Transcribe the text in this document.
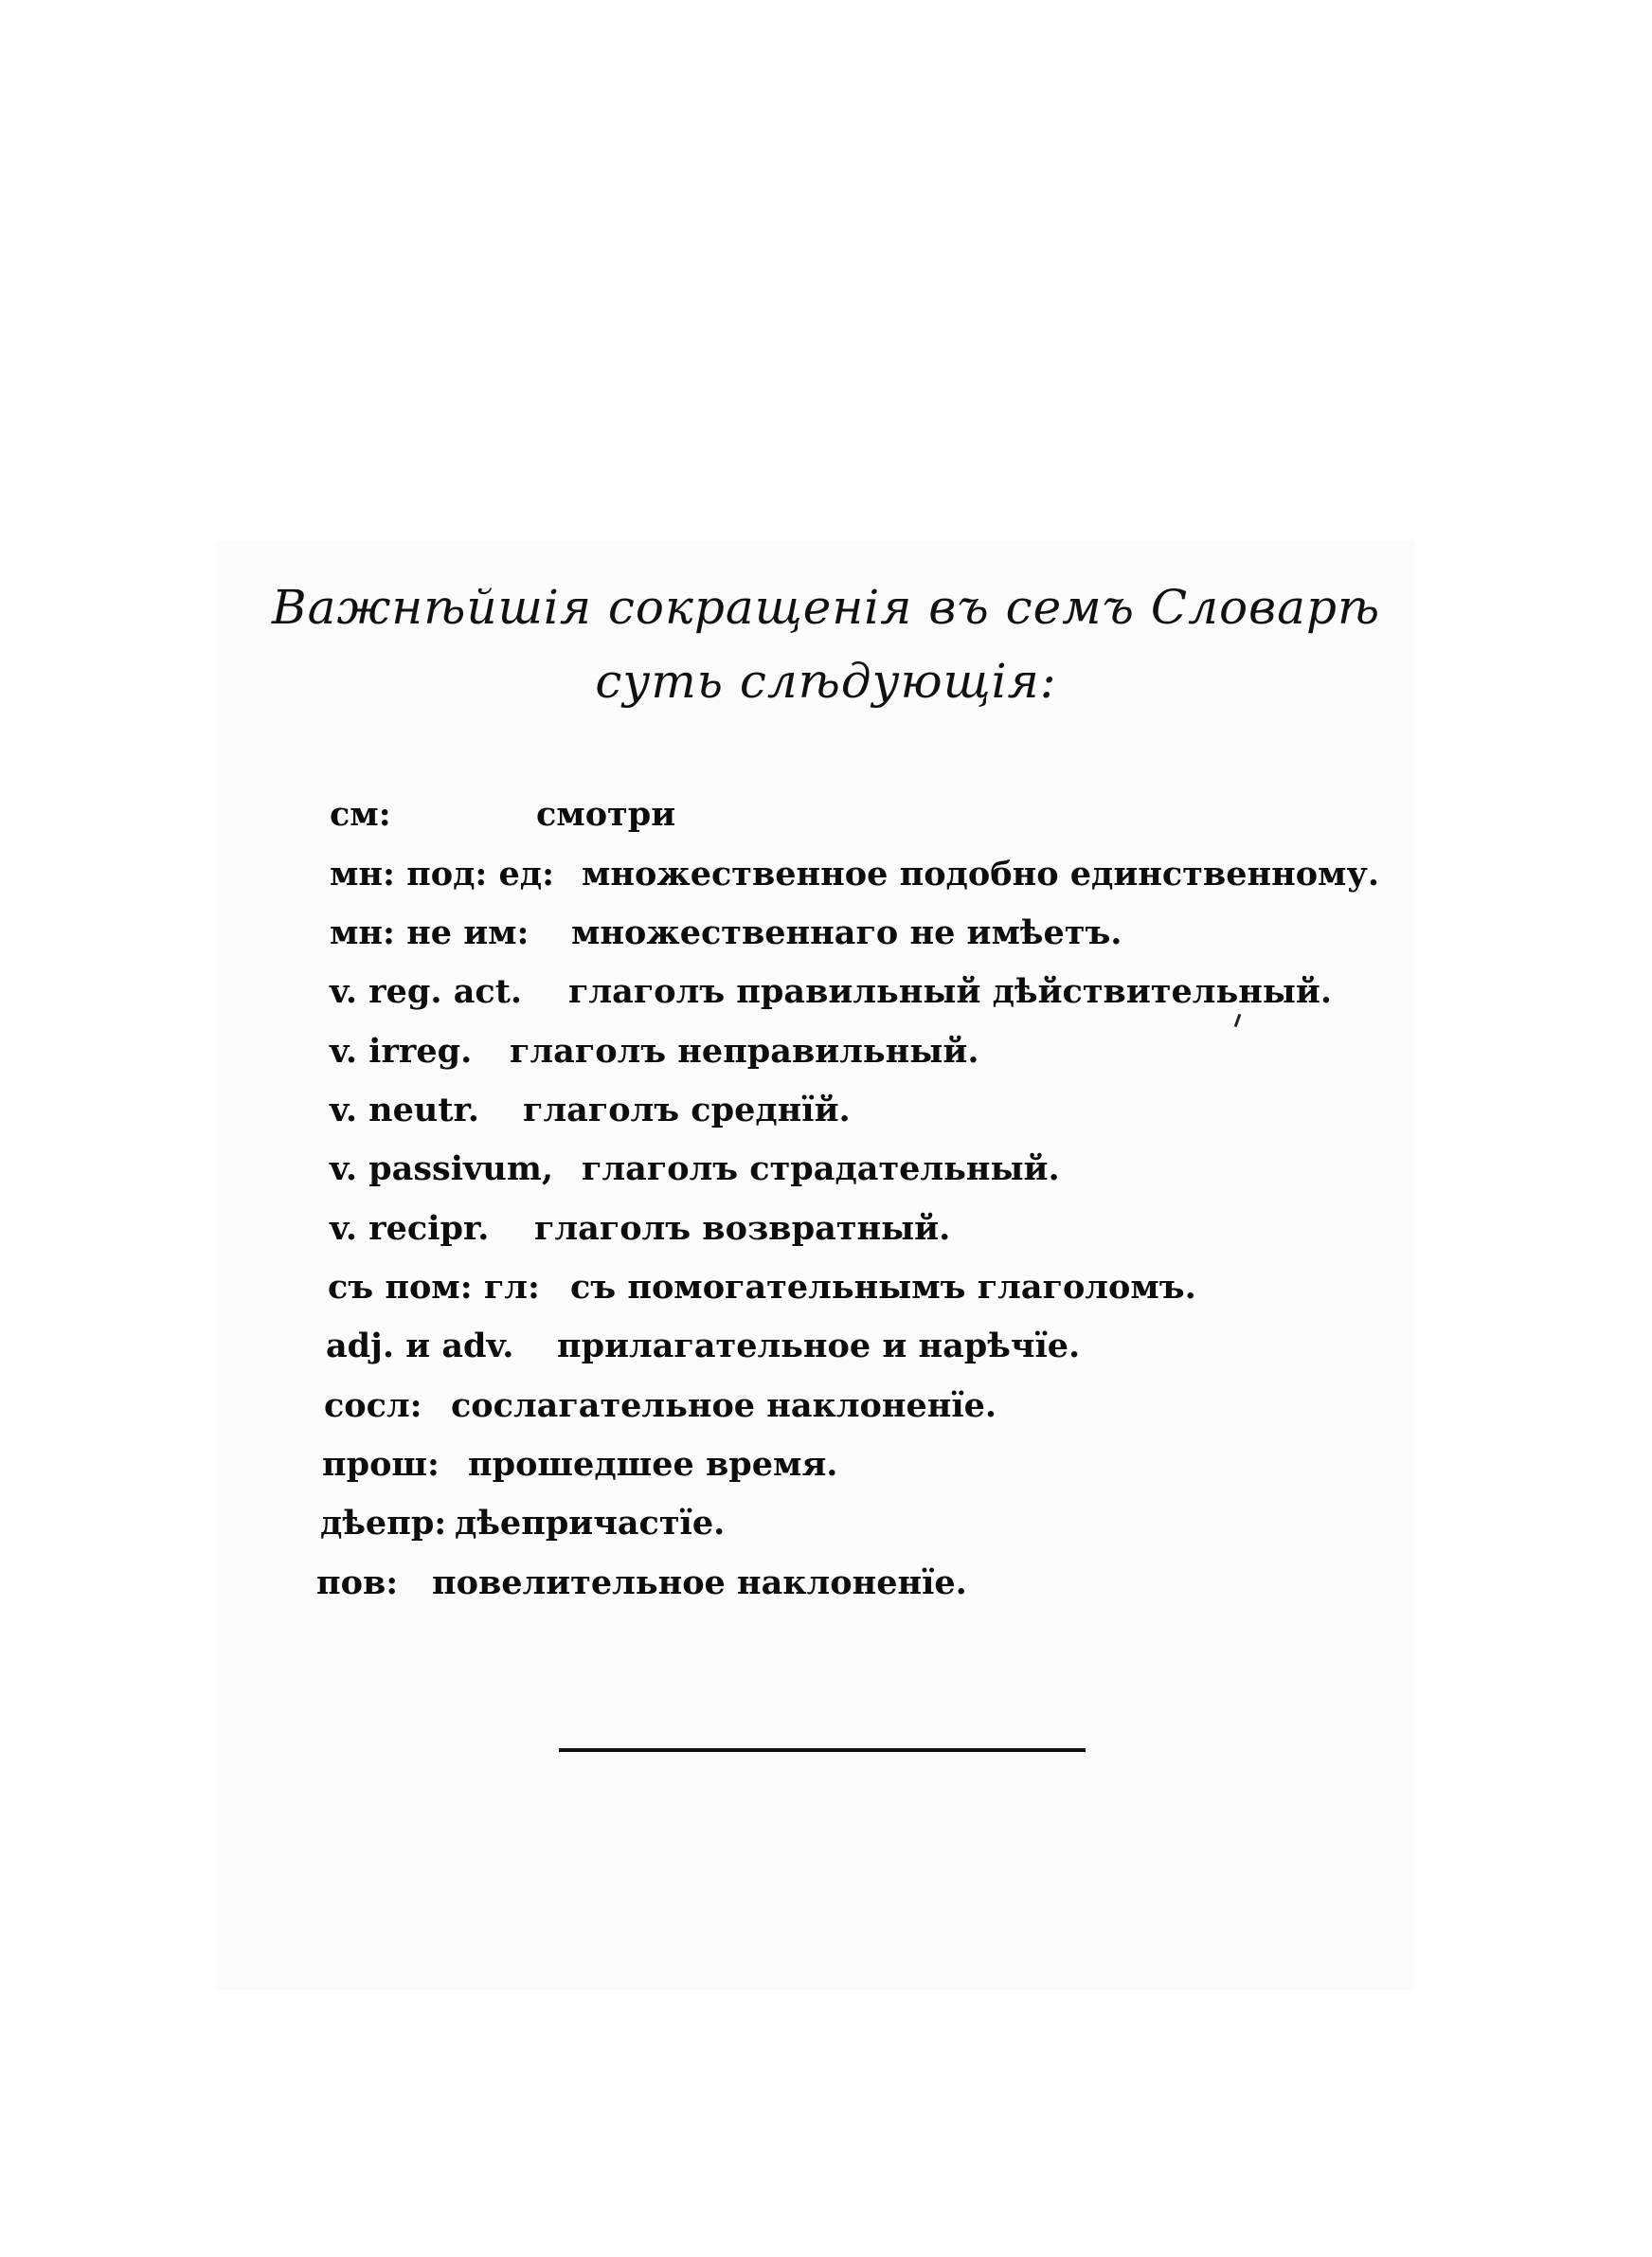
Важнѣйшія сокращенія въ семъ Словарѣ
суть слѣдующія:
см:	смотри
мн: под: ед: множественное подобно единственному.
мн: не им: множественнаго не имѣетъ.
v. reg. act. глаголъ правильный дѣйствительный.
v. irreg. глаголъ неправильный.
v. neutr. глаголъ среднїй.
v. passivum, глаголъ страдательный.
v. recipr. глаголъ возвратный.
съ пом: гл: съ помогательнымъ глаголомъ.
adj. и adv. прилагательное и нарѣчїе.
сосл: сослагательное наклоненїе.
прош: прошедшее время.
дѣепр: дѣепричастїе.
пов: повелительное наклоненїе.
